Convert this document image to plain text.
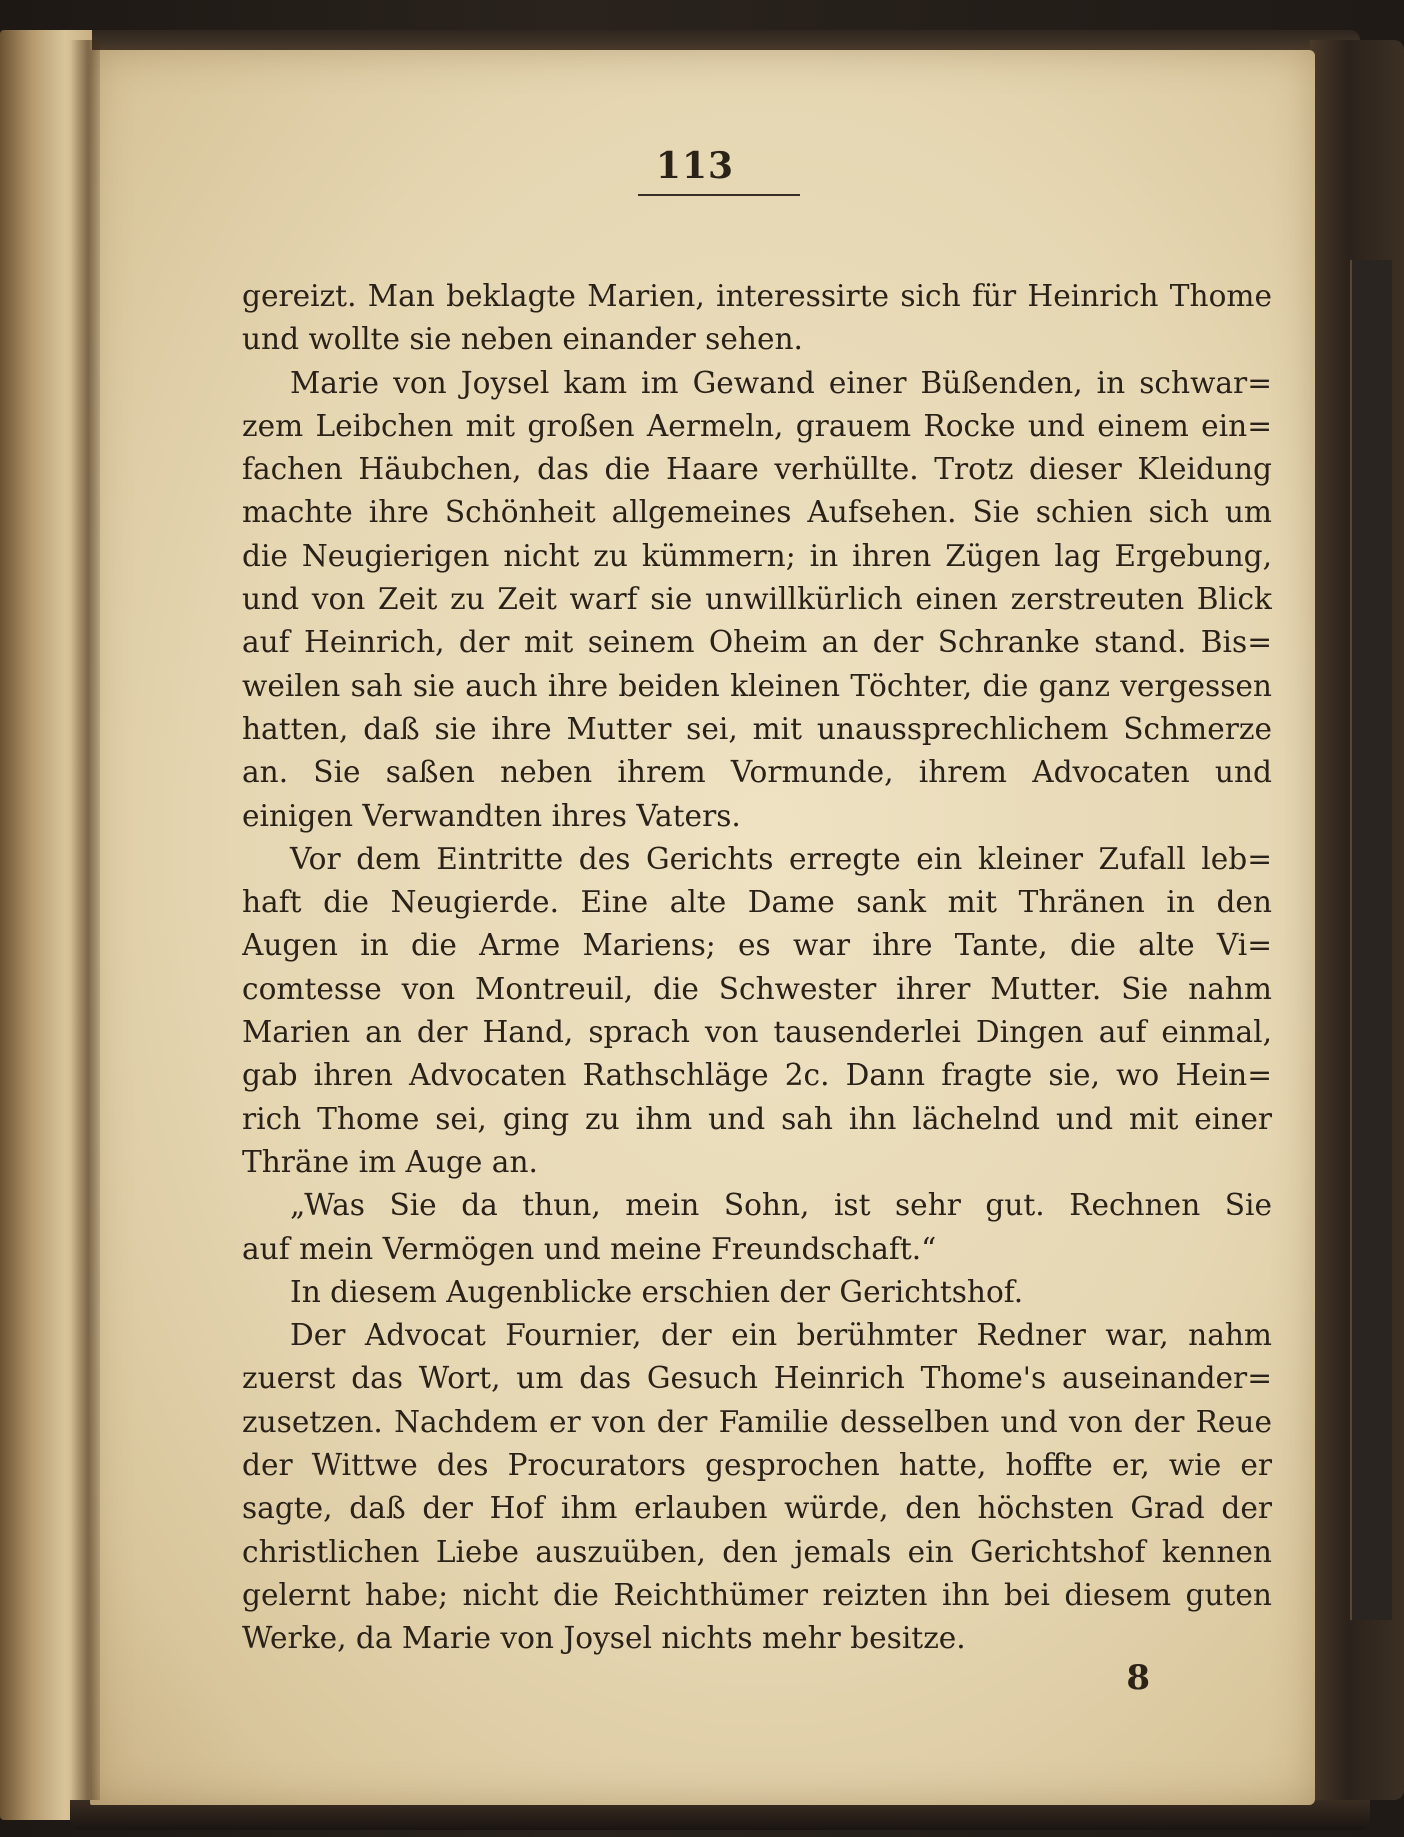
113
gereizt. Man beklagte Marien, interessirte sich für Heinrich Thome
und wollte sie neben einander sehen.
Marie von Joysel kam im Gewand einer Büßenden, in schwar=
zem Leibchen mit großen Aermeln, grauem Rocke und einem ein=
fachen Häubchen, das die Haare verhüllte. Trotz dieser Kleidung
machte ihre Schönheit allgemeines Aufsehen. Sie schien sich um
die Neugierigen nicht zu kümmern; in ihren Zügen lag Ergebung,
und von Zeit zu Zeit warf sie unwillkürlich einen zerstreuten Blick
auf Heinrich, der mit seinem Oheim an der Schranke stand. Bis=
weilen sah sie auch ihre beiden kleinen Töchter, die ganz vergessen
hatten, daß sie ihre Mutter sei, mit unaussprechlichem Schmerze
an. Sie saßen neben ihrem Vormunde, ihrem Advocaten und
einigen Verwandten ihres Vaters.
Vor dem Eintritte des Gerichts erregte ein kleiner Zufall leb=
haft die Neugierde. Eine alte Dame sank mit Thränen in den
Augen in die Arme Mariens; es war ihre Tante, die alte Vi=
comtesse von Montreuil, die Schwester ihrer Mutter. Sie nahm
Marien an der Hand, sprach von tausenderlei Dingen auf einmal,
gab ihren Advocaten Rathschläge 2c. Dann fragte sie, wo Hein=
rich Thome sei, ging zu ihm und sah ihn lächelnd und mit einer
Thräne im Auge an.
„Was Sie da thun, mein Sohn, ist sehr gut. Rechnen Sie
auf mein Vermögen und meine Freundschaft.“
In diesem Augenblicke erschien der Gerichtshof.
Der Advocat Fournier, der ein berühmter Redner war, nahm
zuerst das Wort, um das Gesuch Heinrich Thome's auseinander=
zusetzen. Nachdem er von der Familie desselben und von der Reue
der Wittwe des Procurators gesprochen hatte, hoffte er, wie er
sagte, daß der Hof ihm erlauben würde, den höchsten Grad der
christlichen Liebe auszuüben, den jemals ein Gerichtshof kennen
gelernt habe; nicht die Reichthümer reizten ihn bei diesem guten
Werke, da Marie von Joysel nichts mehr besitze.
8
